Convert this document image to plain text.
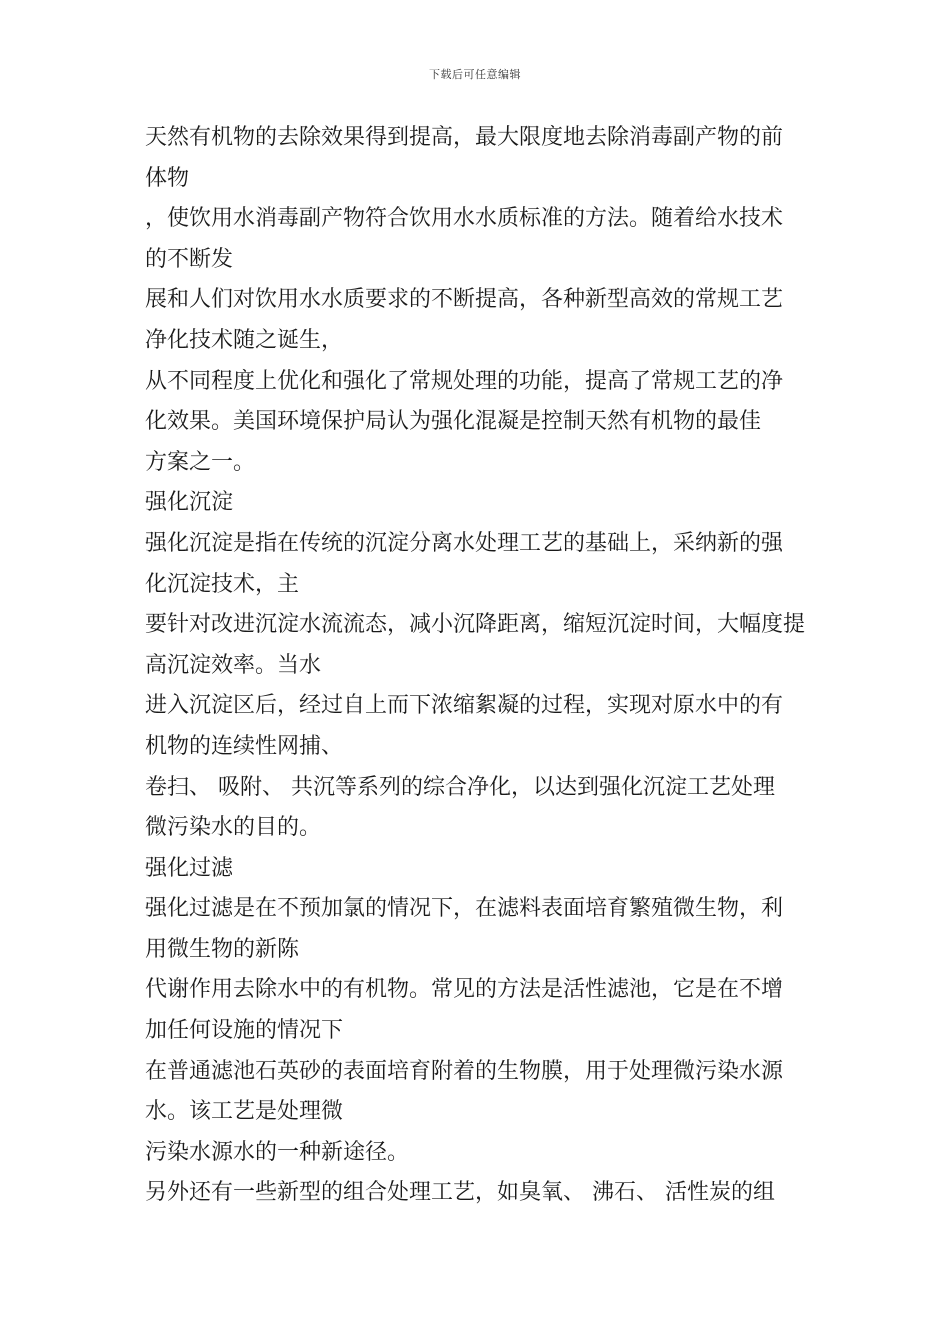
下载后可任意编辑
天然有机物的去除效果得到提高，最大限度地去除消毒副产物的前
体物
，使饮用水消毒副产物符合饮用水水质标准的方法。随着给水技术
的不断发
展和人们对饮用水水质要求的不断提高，各种新型高效的常规工艺
净化技术随之诞生，
从不同程度上优化和强化了常规处理的功能，提高了常规工艺的净
化效果。美国环境保护局认为强化混凝是控制天然有机物的最佳
方案之一。
强化沉淀
强化沉淀是指在传统的沉淀分离水处理工艺的基础上，采纳新的强
化沉淀技术，主
要针对改进沉淀水流流态，减小沉降距离，缩短沉淀时间，大幅度提
高沉淀效率。当水
进入沉淀区后，经过自上而下浓缩絮凝的过程，实现对原水中的有
机物的连续性网捕、
卷扫、 吸附、 共沉等系列的综合净化，以达到强化沉淀工艺处理
微污染水的目的。
强化过滤
强化过滤是在不预加氯的情况下，在滤料表面培育繁殖微生物，利
用微生物的新陈
代谢作用去除水中的有机物。常见的方法是活性滤池，它是在不增
加任何设施的情况下
在普通滤池石英砂的表面培育附着的生物膜，用于处理微污染水源
水。该工艺是处理微
污染水源水的一种新途径。
另外还有一些新型的组合处理工艺，如臭氧、 沸石、 活性炭的组
